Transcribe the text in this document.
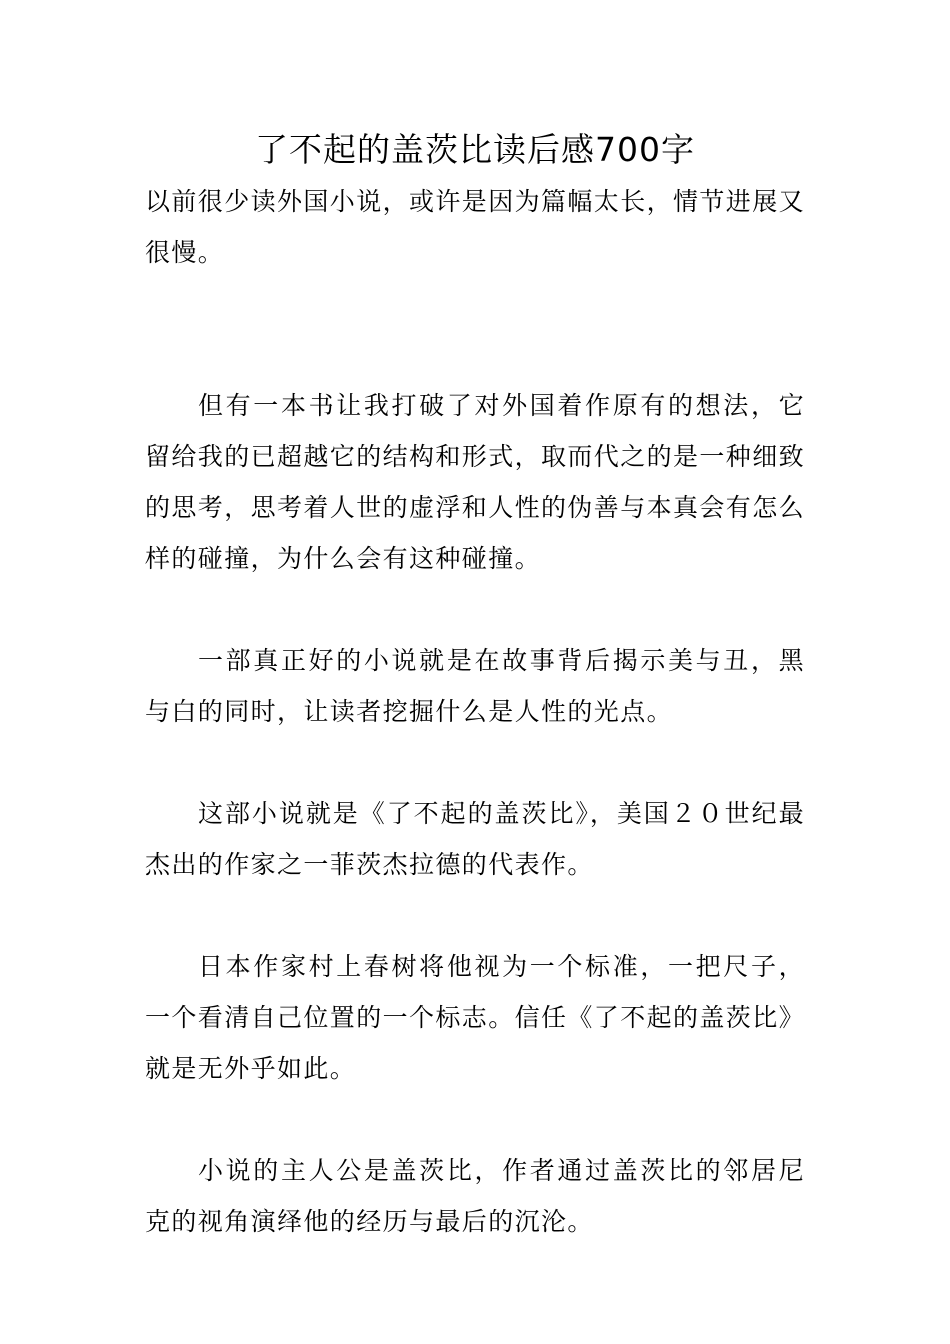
了不起的盖茨比读后感700字

以前很少读外国小说，或许是因为篇幅太长，情节进展又很慢。

但有一本书让我打破了对外国着作原有的想法，它留给我的已超越它的结构和形式，取而代之的是一种细致的思考，思考着人世的虚浮和人性的伪善与本真会有怎么样的碰撞，为什么会有这种碰撞。

一部真正好的小说就是在故事背后揭示美与丑，黑与白的同时，让读者挖掘什么是人性的光点。

这部小说就是《了不起的盖茨比》，美国２０世纪最杰出的作家之一菲茨杰拉德的代表作。

日本作家村上春树将他视为一个标准，一把尺子，一个看清自己位置的一个标志。信任《了不起的盖茨比》就是无外乎如此。

小说的主人公是盖茨比，作者通过盖茨比的邻居尼克的视角演绎他的经历与最后的沉沦。
